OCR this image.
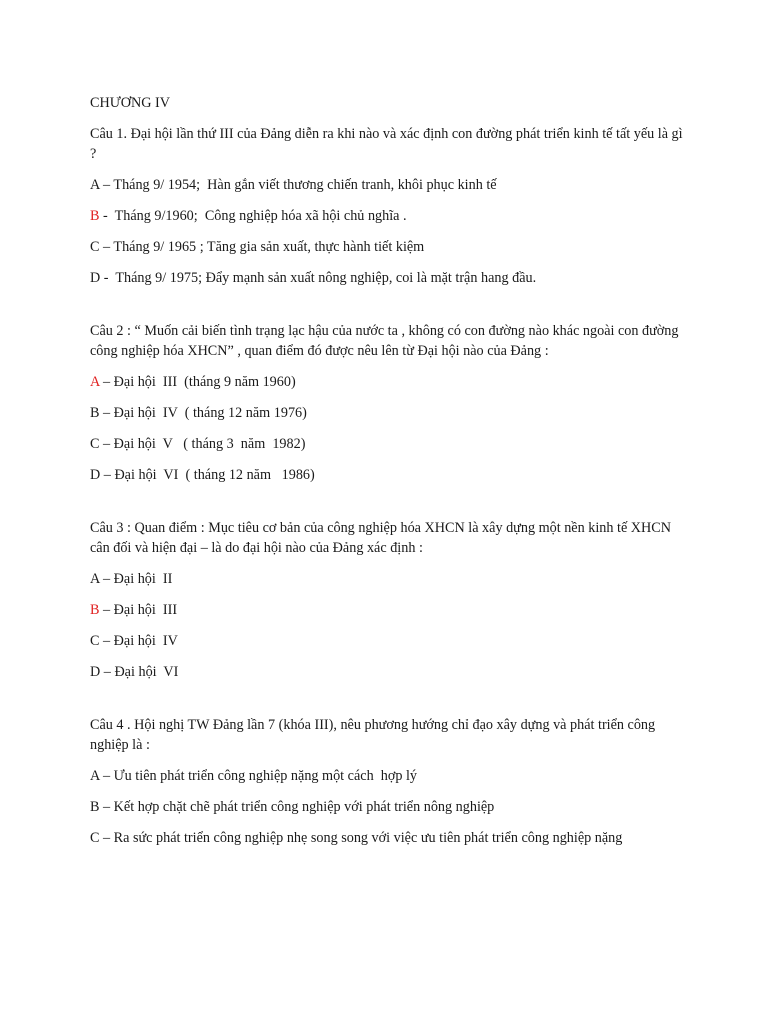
CHƯƠNG IV
Câu 1. Đại hội lần thứ III của Đảng diễn ra khi nào và xác định con đường phát triển kinh tế tất yếu là gì ?
A – Tháng 9/ 1954;  Hàn gắn viết thương chiến tranh, khôi phục kinh tế
B -  Tháng 9/1960;  Công nghiệp hóa xã hội chủ nghĩa .
C – Tháng 9/ 1965 ; Tăng gia sản xuất, thực hành tiết kiệm
D -  Tháng 9/ 1975; Đẩy mạnh sản xuất nông nghiệp, coi là mặt trận hang đầu.
Câu 2 : “ Muốn cải biến tình trạng lạc hậu của nước ta , không có con đường nào khác ngoài con đường công nghiệp hóa XHCN” , quan điểm đó được nêu lên từ Đại hội nào của Đảng :
A – Đại hội  III  (tháng 9 năm 1960)
B – Đại hội  IV  ( tháng 12 năm 1976)
C – Đại hội  V   ( tháng 3  năm  1982)
D – Đại hội  VI  ( tháng 12 năm   1986)
Câu 3 : Quan điểm : Mục tiêu cơ bản của công nghiệp hóa XHCN là xây dựng một nền kinh tế XHCN cân đối và hiện đại – là do đại hội nào của Đảng xác định :
A – Đại hội  II
B – Đại hội  III
C – Đại hội  IV
D – Đại hội  VI
Câu 4 . Hội nghị TW Đảng lần 7 (khóa III), nêu phương hướng chỉ đạo xây dựng và phát triển công nghiệp là :
A – Ưu tiên phát triển công nghiệp nặng một cách  hợp lý
B – Kết hợp chặt chẽ phát triển công nghiệp với phát triển nông nghiệp
C – Ra sức phát triển công nghiệp nhẹ song song với việc ưu tiên phát triển công nghiệp nặng
